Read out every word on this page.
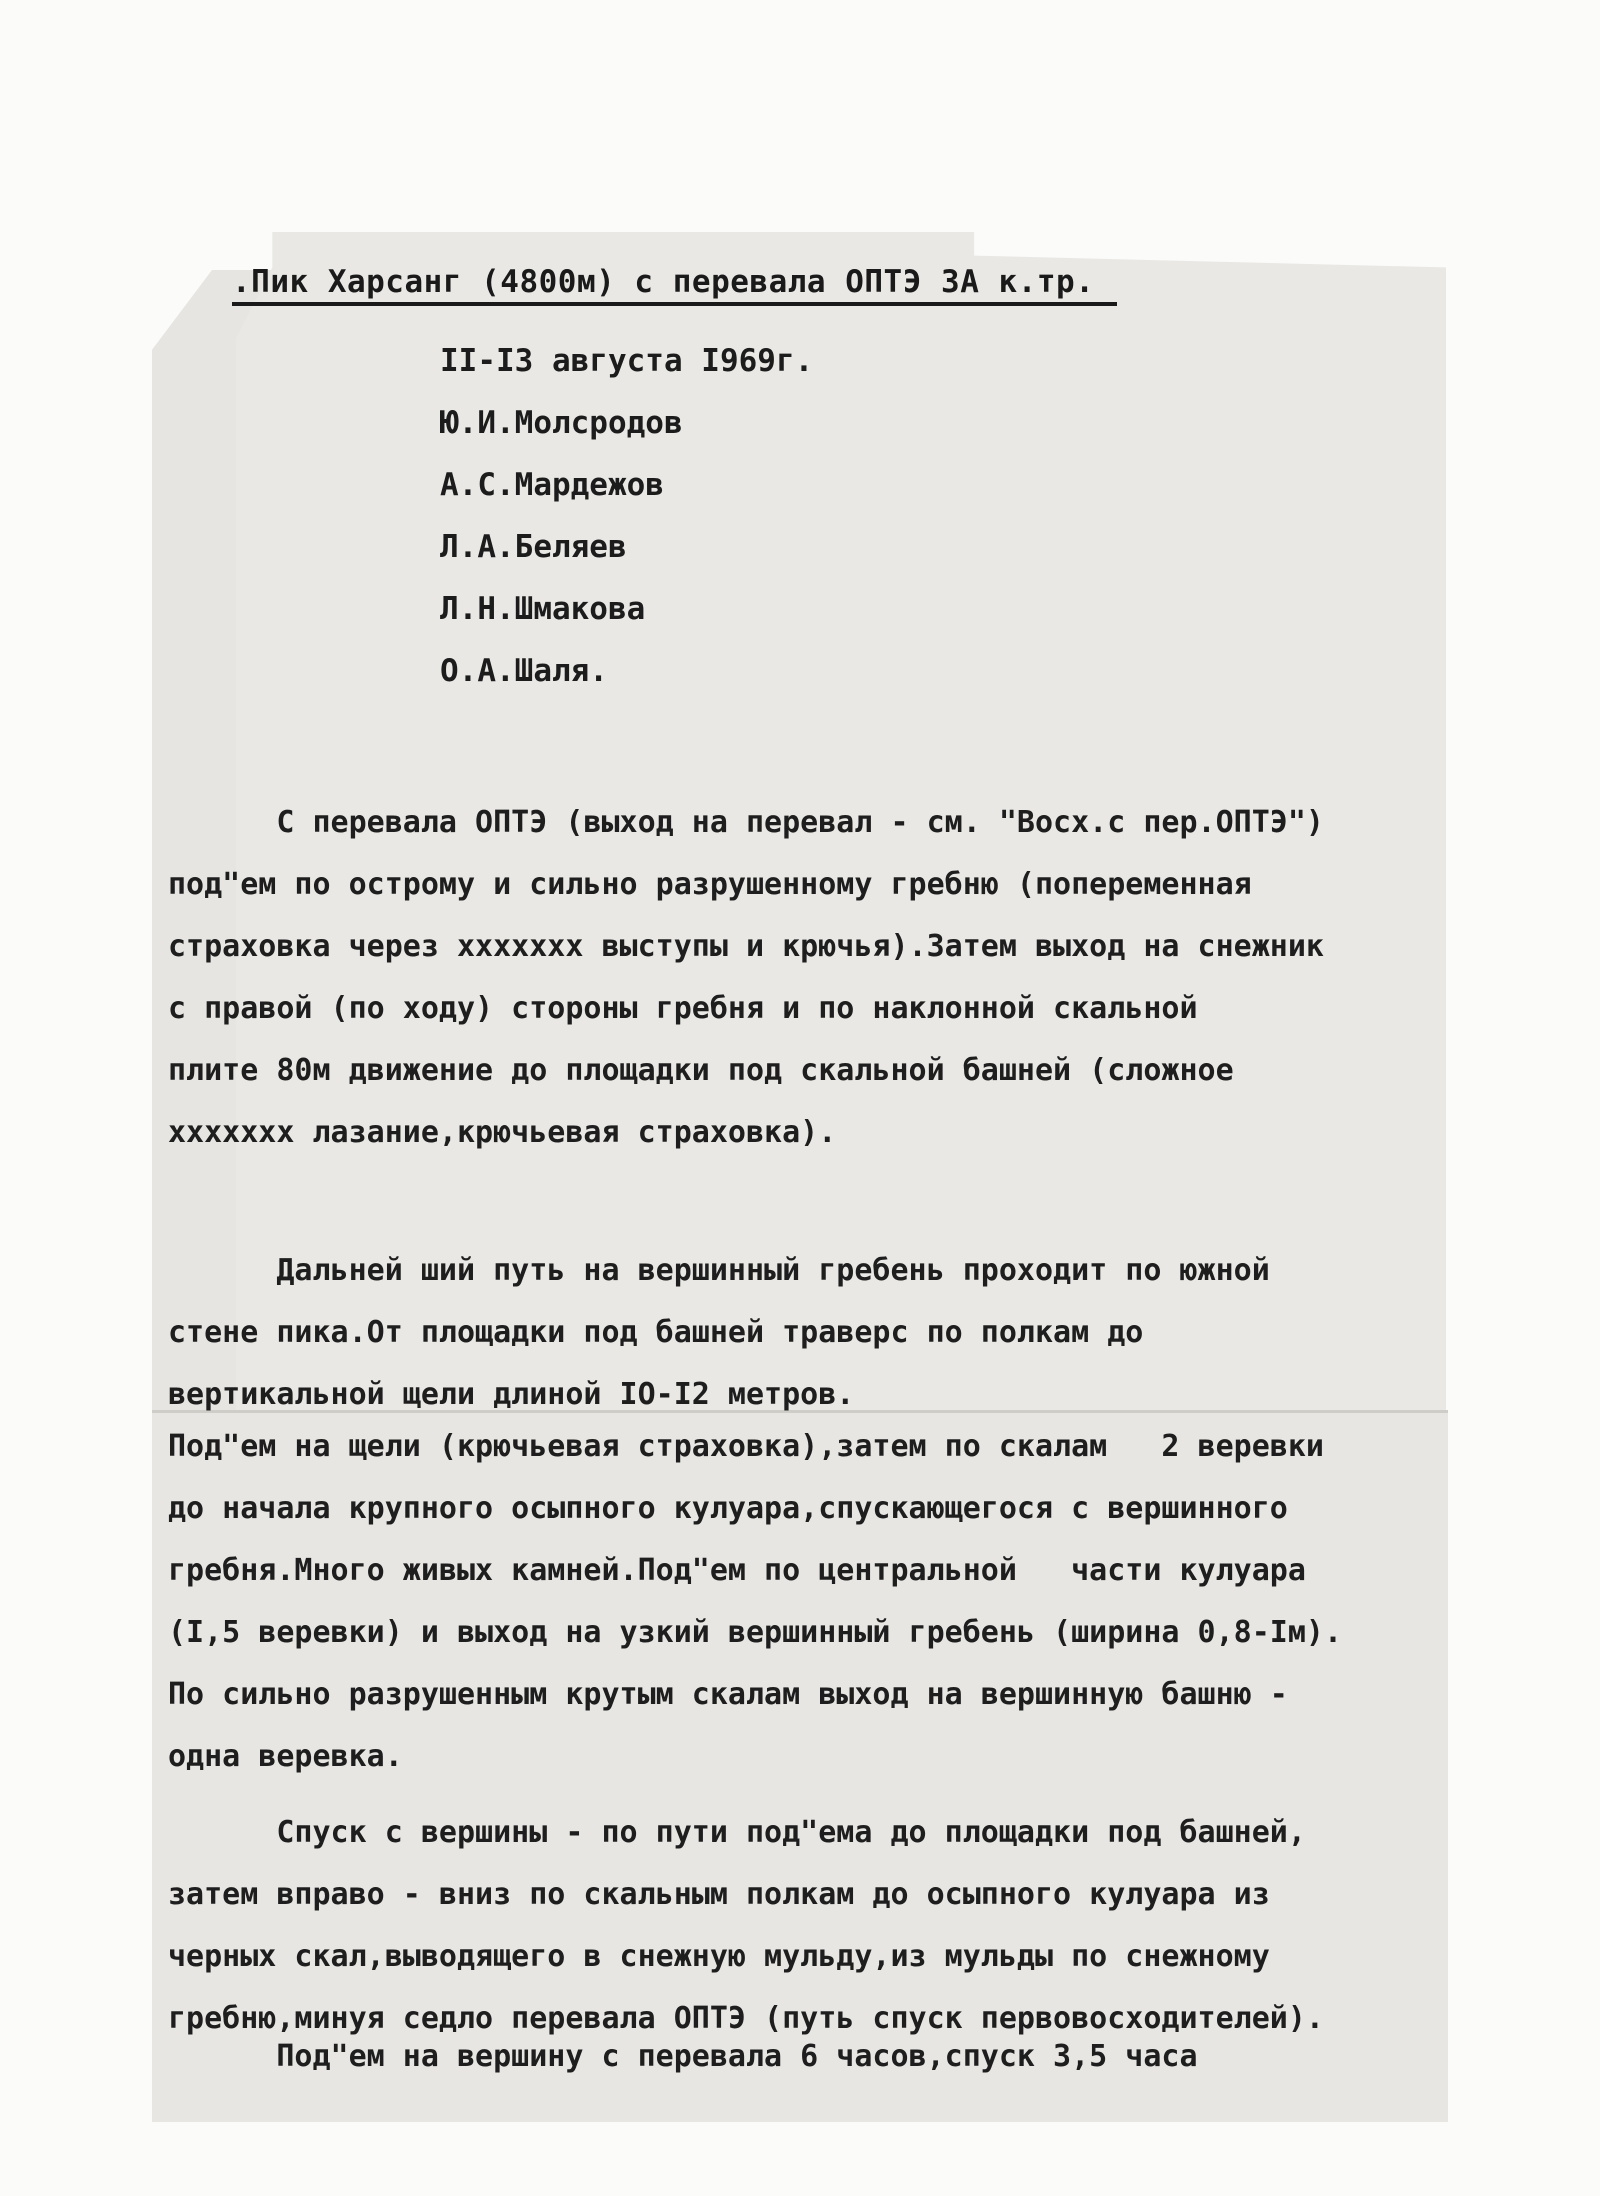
.Пик Харсанг (4800м) с перевала ОПТЭ 3А к.тр.
II-I3 августа I969г.
Ю.И.Молсродов
А.С.Мардежов
Л.А.Беляев
Л.Н.Шмакова
О.А.Шаля.
С перевала ОПТЭ (выход на перевал - см. "Восх.с пер.ОПТЭ")
под"ем по острому и сильно разрушенному гребню (попеременная
страховка через xxxxxxx выступы и крючья).Затем выход на снежник
с правой (по ходу) стороны гребня и по наклонной скальной
плите 80м движение до площадки под скальной башней (сложное
xxxxxxx лазание,крючьевая страховка).
Дальней ший путь на вершинный гребень проходит по южной
стене пика.От площадки под башней траверс по полкам до
вертикальной щели длиной IO-I2 метров.
Под"ем на щели (крючьевая страховка),затем по скалам   2 веревки
до начала крупного осыпного кулуара,спускающегося с вершинного
гребня.Много живых камней.Под"ем по центральной   части кулуара
(I,5 веревки) и выход на узкий вершинный гребень (ширина 0,8-Iм).
По сильно разрушенным крутым скалам выход на вершинную башню -
одна веревка.
Спуск с вершины - по пути под"ема до площадки под башней,
затем вправо - вниз по скальным полкам до осыпного кулуара из
черных скал,выводящего в снежную мульду,из мульды по снежному
гребню,минуя седло перевала ОПТЭ (путь спуск первовосходителей).
Под"ем на вершину с перевала 6 часов,спуск 3,5 часа
